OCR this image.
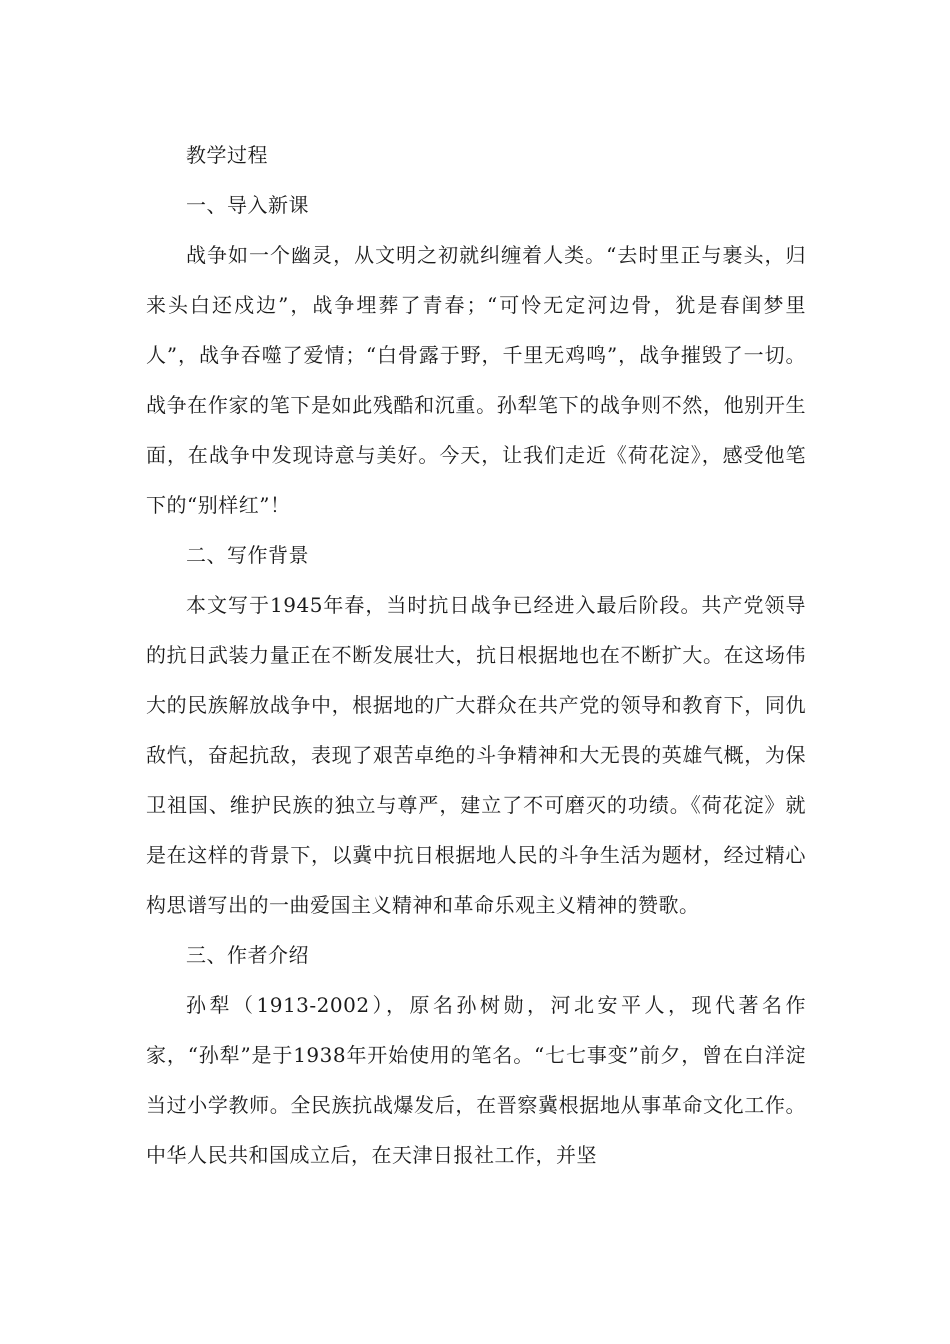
教学过程

一、导入新课

战争如一个幽灵，从文明之初就纠缠着人类。“去时里正与裹头，归来头白还戍边”，战争埋葬了青春；“可怜无定河边骨，犹是春闺梦里人”，战争吞噬了爱情；“白骨露于野，千里无鸡鸣”，战争摧毁了一切。战争在作家的笔下是如此残酷和沉重。孙犁笔下的战争则不然，他别开生面，在战争中发现诗意与美好。今天，让我们走近《荷花淀》，感受他笔下的“别样红”！

二、写作背景

本文写于1945年春，当时抗日战争已经进入最后阶段。共产党领导的抗日武装力量正在不断发展壮大，抗日根据地也在不断扩大。在这场伟大的民族解放战争中，根据地的广大群众在共产党的领导和教育下，同仇敌忾，奋起抗敌，表现了艰苦卓绝的斗争精神和大无畏的英雄气概，为保卫祖国、维护民族的独立与尊严，建立了不可磨灭的功绩。《荷花淀》就是在这样的背景下，以冀中抗日根据地人民的斗争生活为题材，经过精心构思谱写出的一曲爱国主义精神和革命乐观主义精神的赞歌。

三、作者介绍

孙犁（1913-2002），原名孙树勋，河北安平人，现代著名作家，“孙犁”是于1938年开始使用的笔名。“七七事变”前夕，曾在白洋淀当过小学教师。全民族抗战爆发后，在晋察冀根据地从事革命文化工作。中华人民共和国成立后，在天津日报社工作，并坚
